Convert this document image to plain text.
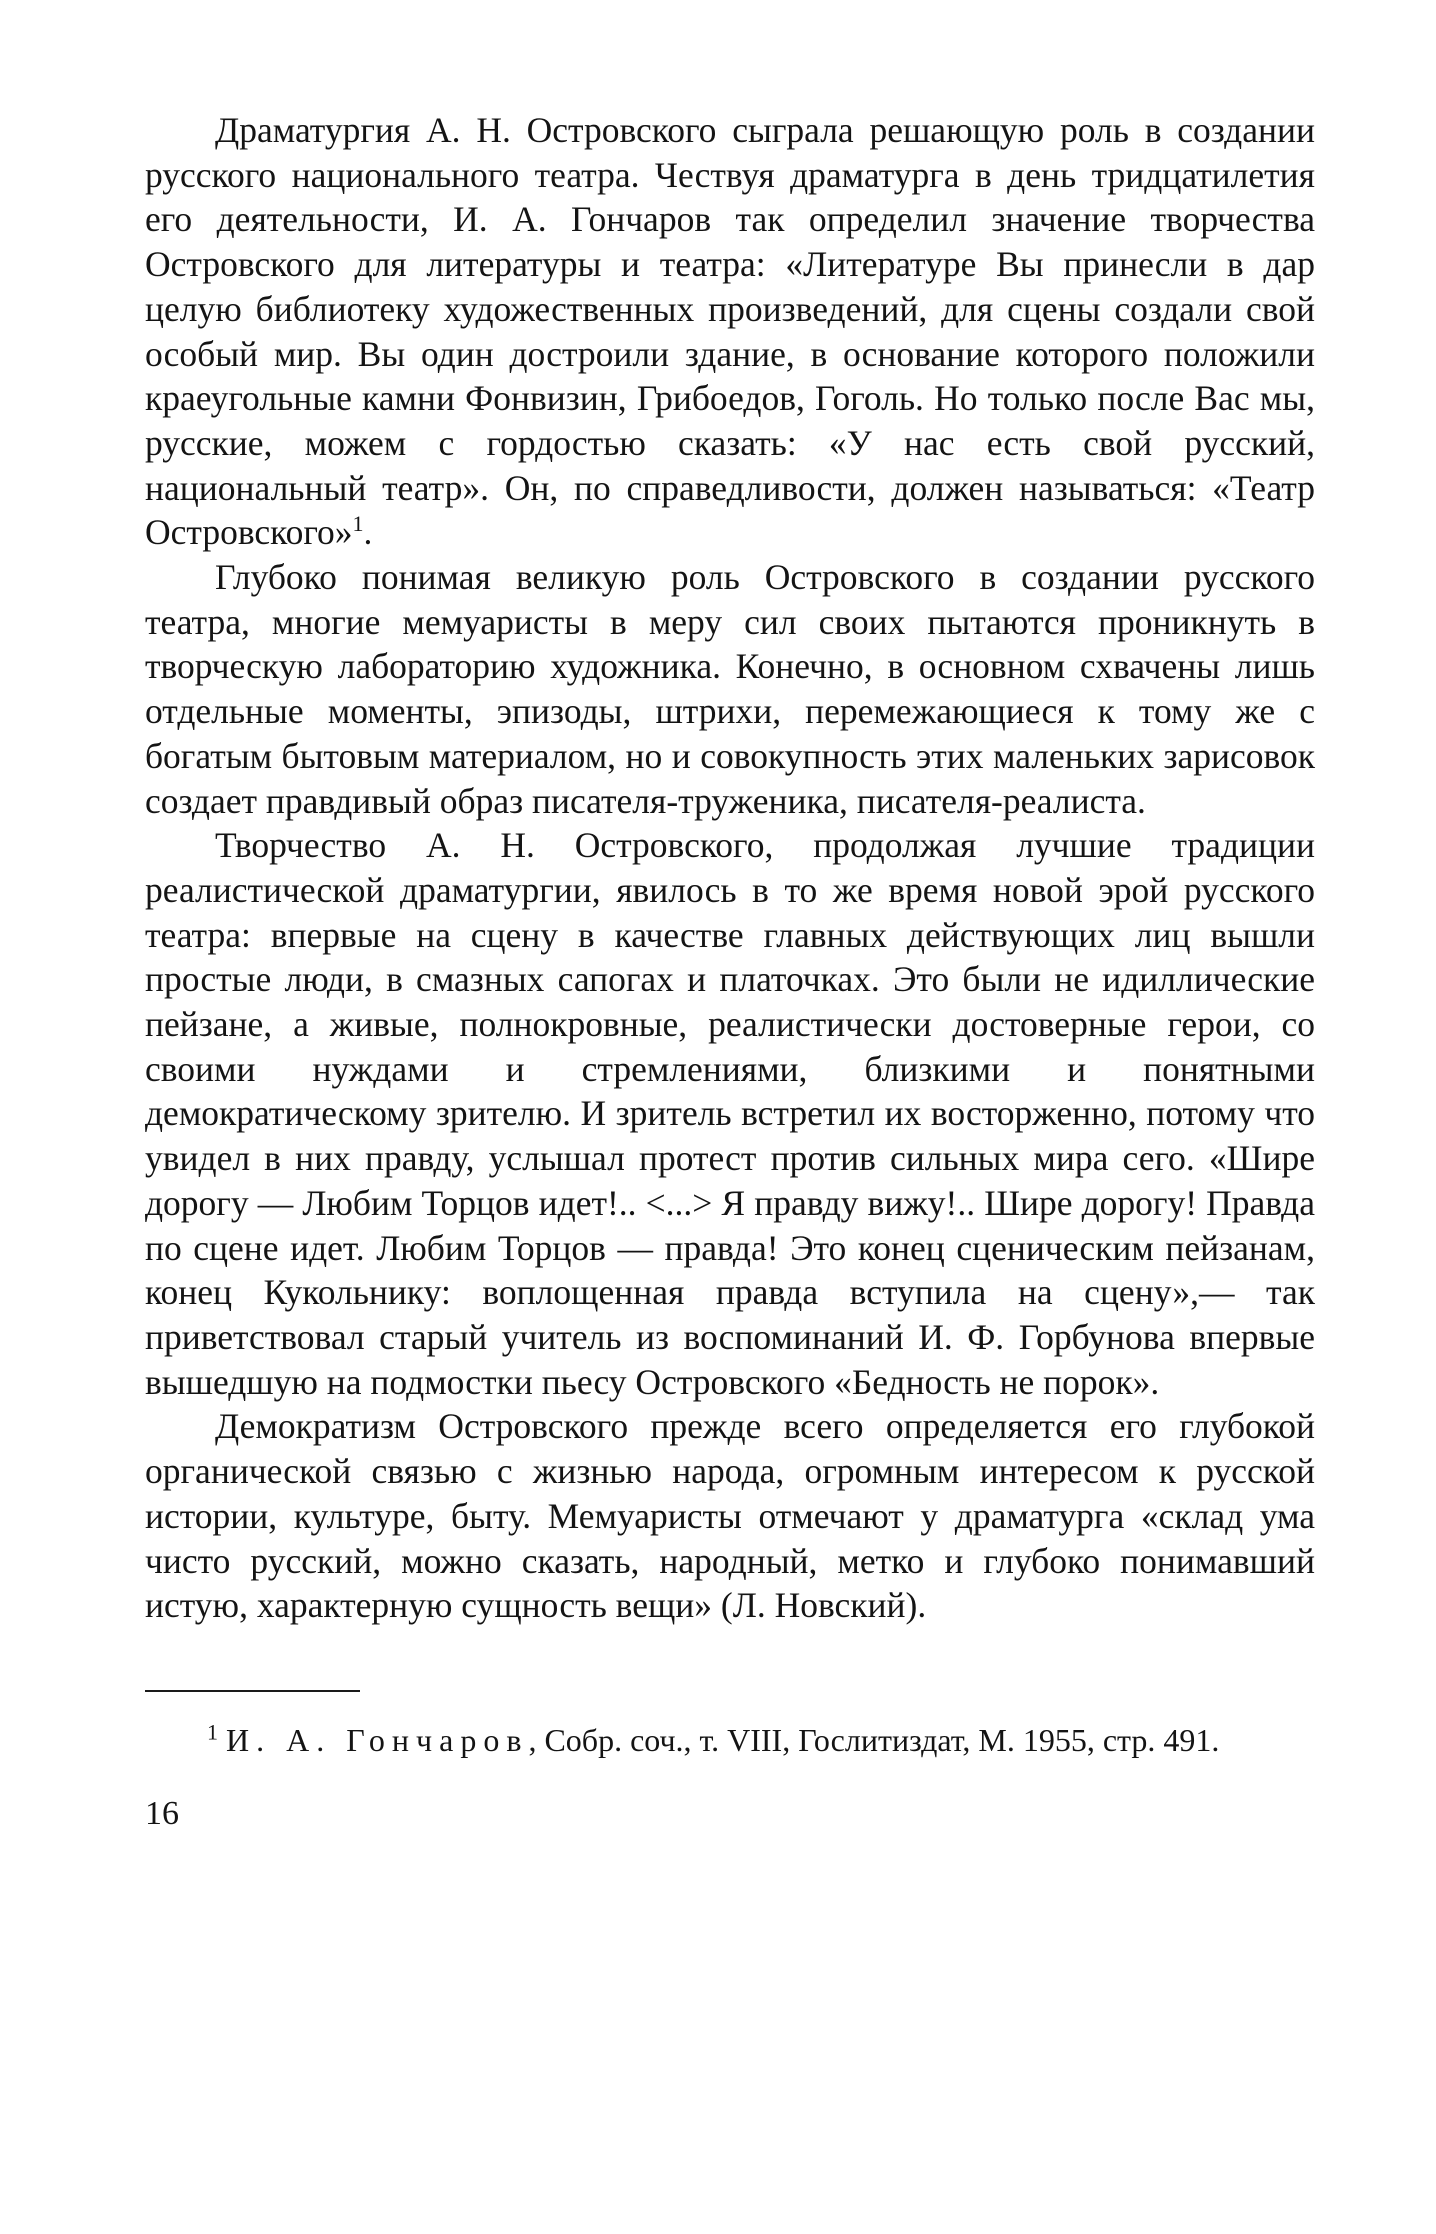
Драматургия А. Н. Островского сыграла решающую роль в создании русского национального театра. Чествуя драматурга в день тридцатилетия его деятельности, И. А. Гончаров так определил значение творчества Островского для литературы и театра: «Литературе Вы принесли в дар целую библиотеку художественных произведений, для сцены создали свой особый мир. Вы один достроили здание, в основание которого положили краеугольные камни Фонвизин, Грибоедов, Гоголь. Но только после Вас мы, русские, можем с гордостью сказать: «У нас есть свой русский, национальный театр». Он, по справедливости, должен называться: «Театр Островского»$^1$.

Глубоко понимая великую роль Островского в создании русского театра, многие мемуаристы в меру сил своих пытаются проникнуть в творческую лабораторию художника. Конечно, в основном схвачены лишь отдельные моменты, эпизоды, штрихи, перемежающиеся к тому же с богатым бытовым материалом, но и совокупность этих маленьких зарисовок создает правдивый образ писателя-труженика, писателя-реалиста.

Творчество А. Н. Островского, продолжая лучшие традиции реалистической драматургии, явилось в то же время новой эрой русского театра: впервые на сцену в качестве главных действующих лиц вышли простые люди, в смазных сапогах и платочках. Это были не идиллические пейзане, а живые, полнокровные, реалистически достоверные герои, со своими нуждами и стремлениями, близкими и понятными демократическому зрителю. И зритель встретил их восторженно, потому что увидел в них правду, услышал протест против сильных мира сего. «Шире дорогу — Любим Торцов идет!.. <...> Я правду вижу!.. Шире дорогу! Правда по сцене идет. Любим Торцов — правда! Это конец сценическим пейзанам, конец Кукольнику: воплощенная правда вступила на сцену»,— так приветствовал старый учитель из воспоминаний И. Ф. Горбунова впервые вышедшую на подмостки пьесу Островского «Бедность не порок».

Демократизм Островского прежде всего определяется его глубокой органической связью с жизнью народа, огромным интересом к русской истории, культуре, быту. Мемуаристы отмечают у драматурга «склад ума чисто русский, можно сказать, народный, метко и глубоко понимавший истую, характерную сущность вещи» (Л. Новский).

$^1$ И. А. Гончаров, Собр. соч., т. VIII, Гослитиздат, М. 1955, стр. 491.

16
